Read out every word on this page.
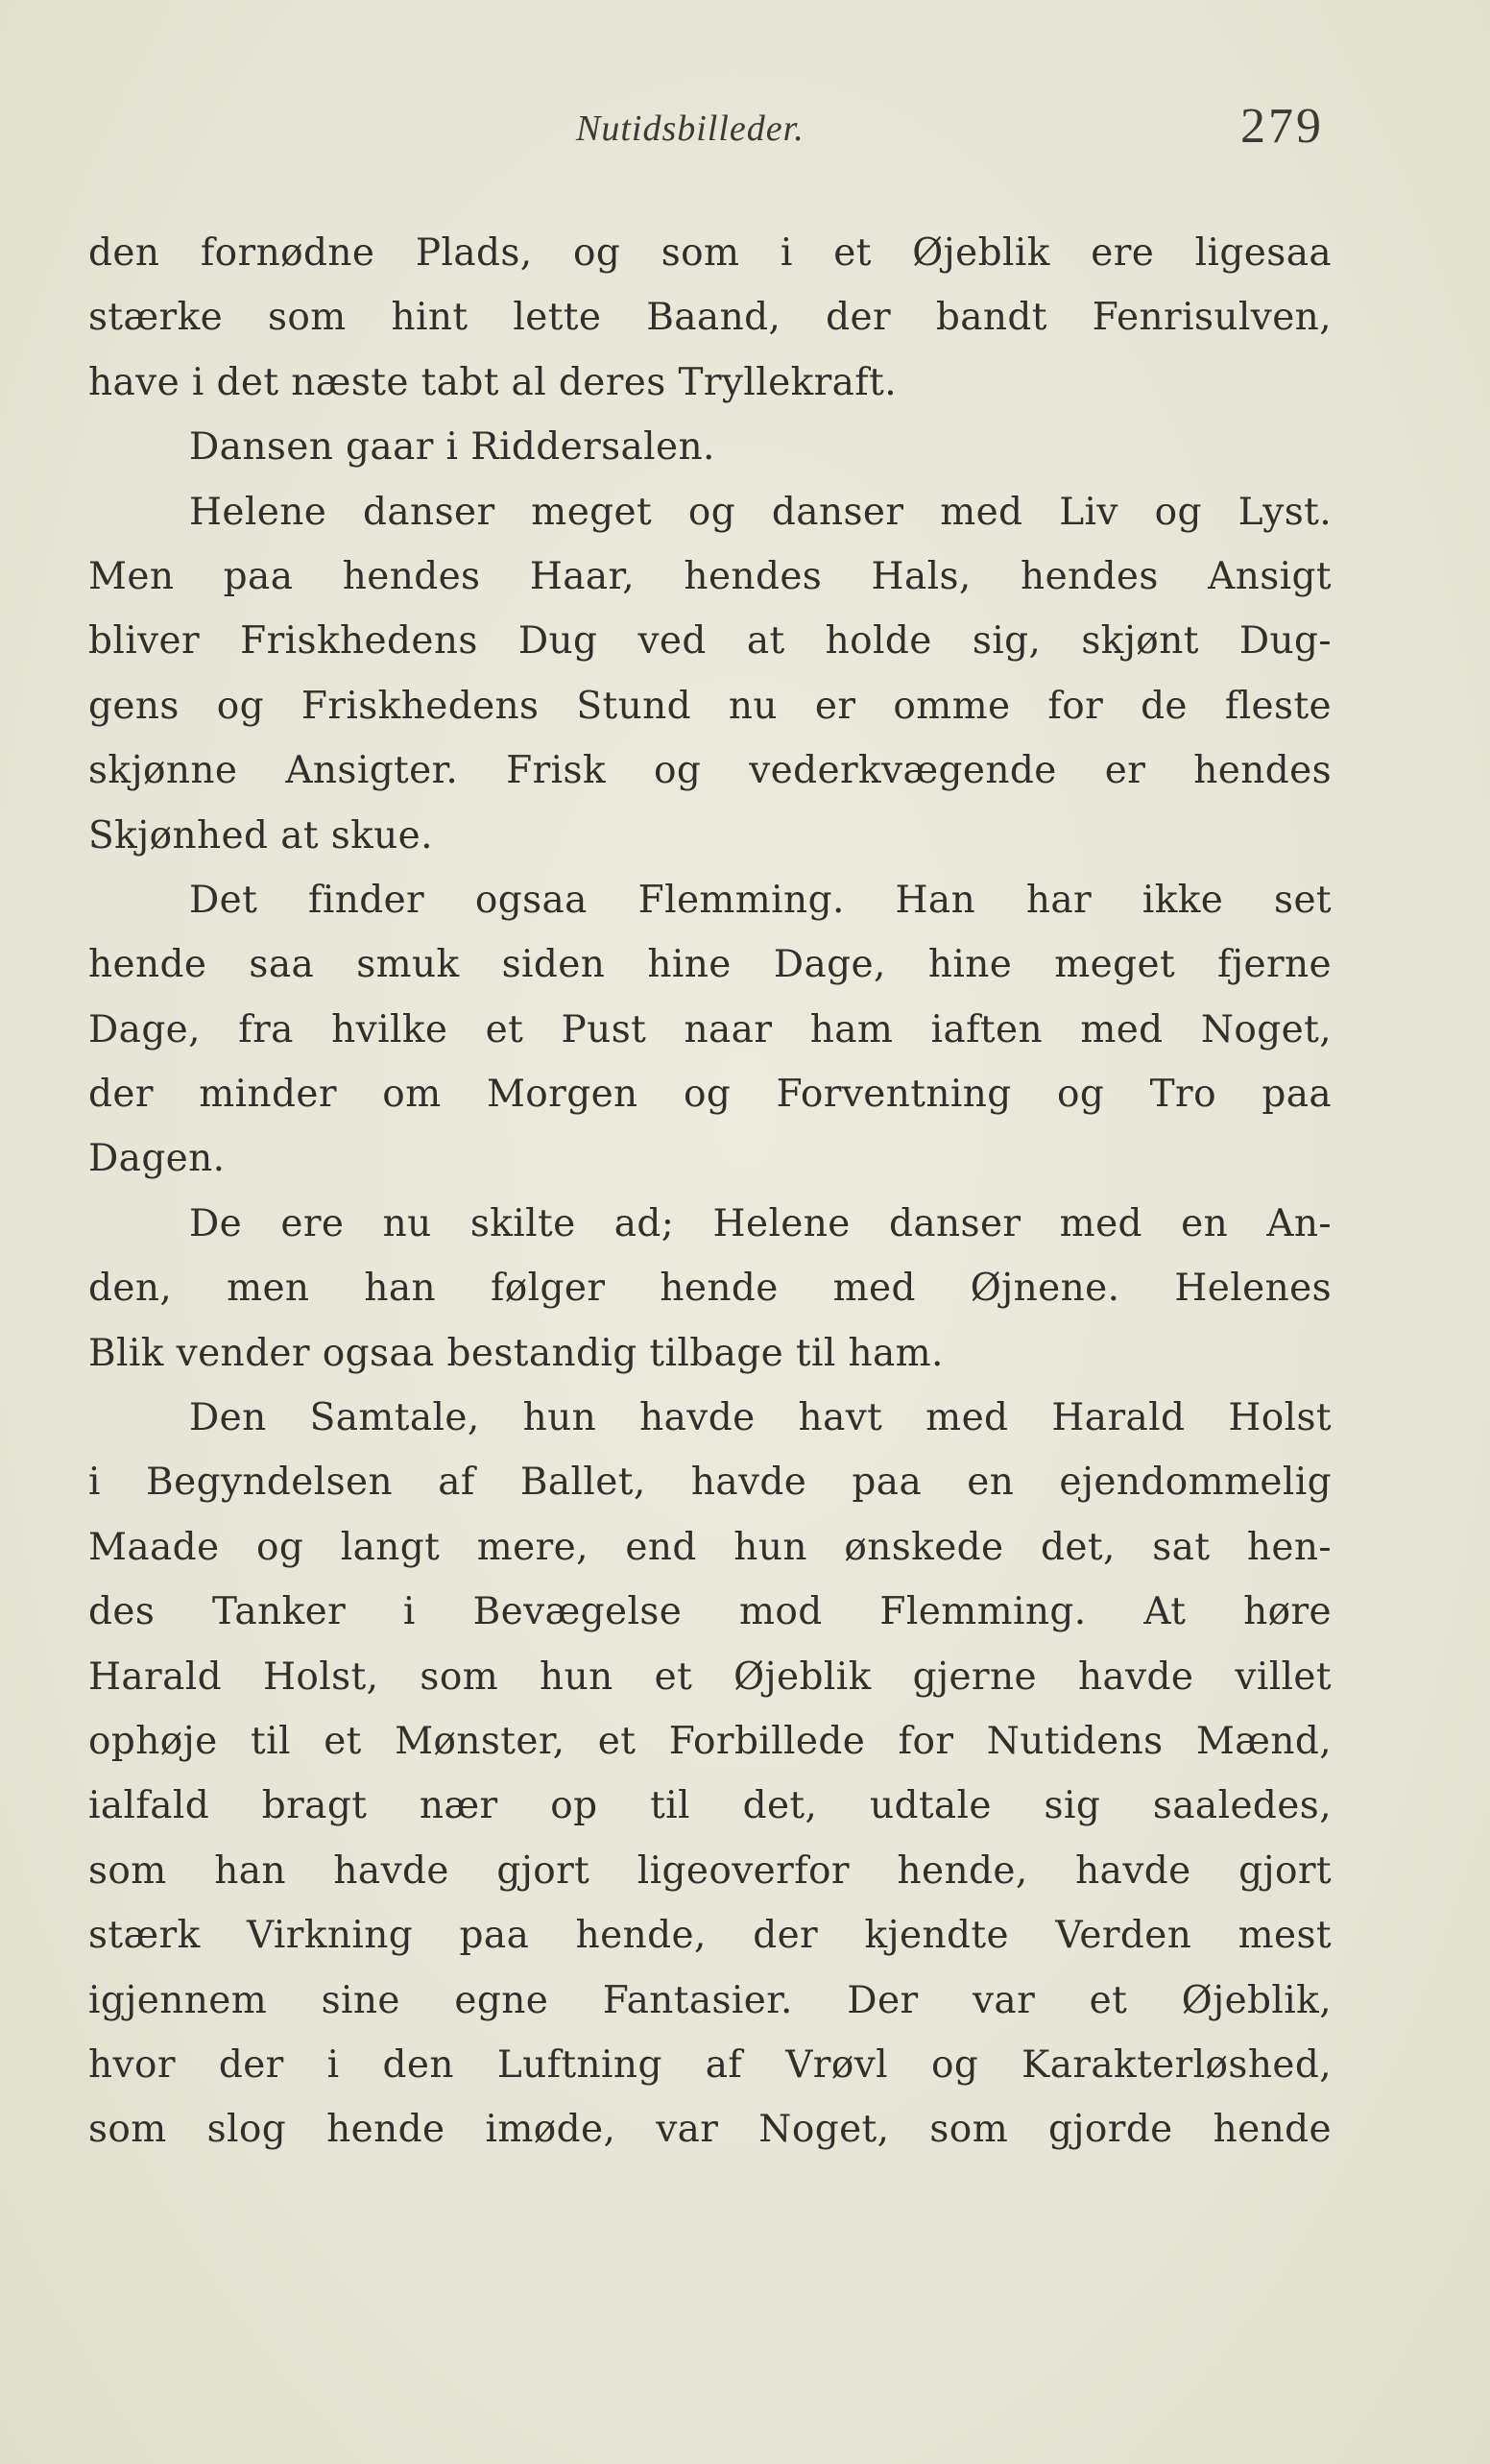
Nutidsbilleder.	279
den fornødne Plads, og som i et Øjeblik ere ligesaa
stærke som hint lette Baand, der bandt Fenrisulven,
have i det næste tabt al deres Tryllekraft.
Dansen gaar i Riddersalen.
Helene danser meget og danser med Liv og Lyst.
Men paa hendes Haar, hendes Hals, hendes Ansigt
bliver Friskhedens Dug ved at holde sig, skjønt Dug-
gens og Friskhedens Stund nu er omme for de fleste
skjønne Ansigter. Frisk og vederkvægende er hendes
Skjønhed at skue.
Det finder ogsaa Flemming. Han har ikke set
hende saa smuk siden hine Dage, hine meget fjerne
Dage, fra hvilke et Pust naar ham iaften med Noget,
der minder om Morgen og Forventning og Tro paa
Dagen.
De ere nu skilte ad; Helene danser med en An-
den, men han følger hende med Øjnene. Helenes
Blik vender ogsaa bestandig tilbage til ham.
Den Samtale, hun havde havt med Harald Holst
i Begyndelsen af Ballet, havde paa en ejendommelig
Maade og langt mere, end hun ønskede det, sat hen-
des Tanker i Bevægelse mod Flemming. At høre
Harald Holst, som hun et Øjeblik gjerne havde villet
ophøje til et Mønster, et Forbillede for Nutidens Mænd,
ialfald bragt nær op til det, udtale sig saaledes,
som han havde gjort ligeoverfor hende, havde gjort
stærk Virkning paa hende, der kjendte Verden mest
igjennem sine egne Fantasier. Der var et Øjeblik,
hvor der i den Luftning af Vrøvl og Karakterløshed,
som slog hende imøde, var Noget, som gjorde hende
